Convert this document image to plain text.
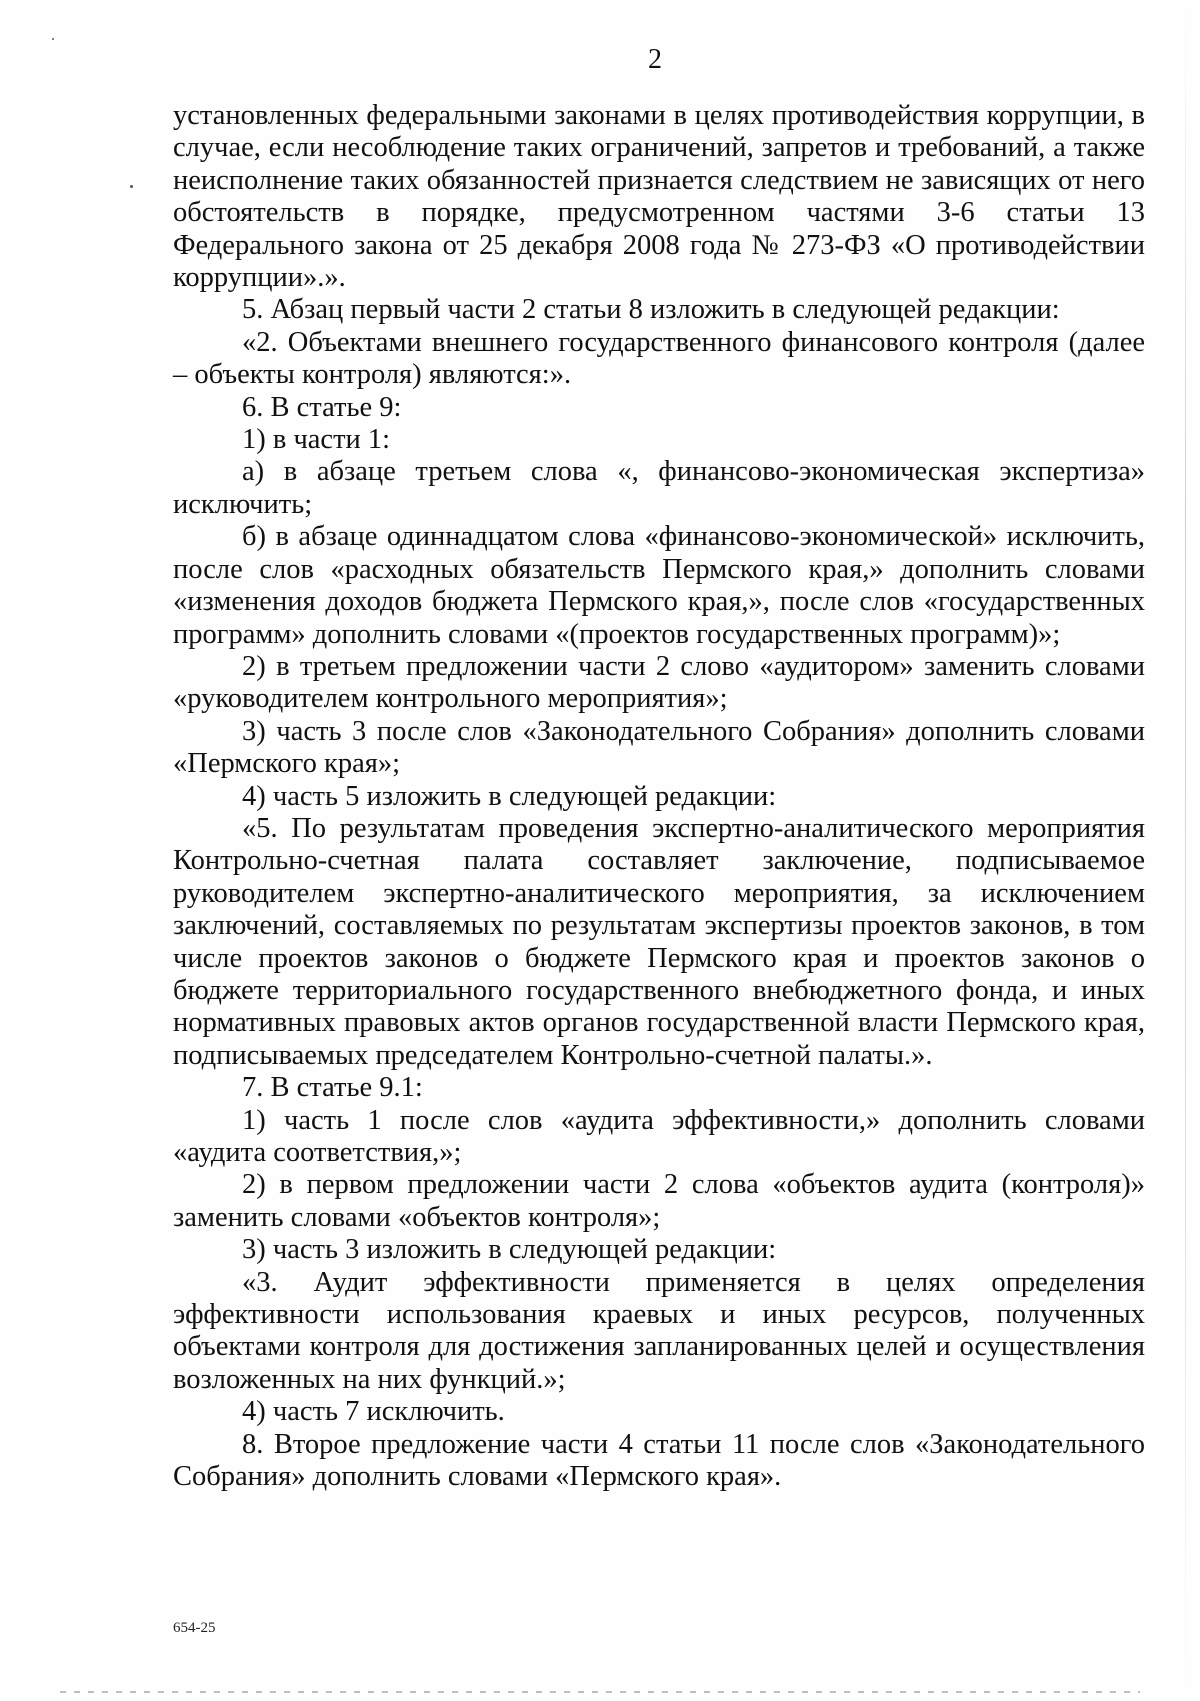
2

установленных федеральными законами в целях противодействия коррупции, в случае, если несоблюдение таких ограничений, запретов и требований, а также неисполнение таких обязанностей признается следствием не зависящих от него обстоятельств в порядке, предусмотренном частями 3-6 статьи 13 Федерального закона от 25 декабря 2008 года № 273-ФЗ «О противодействии коррупции».».

5. Абзац первый части 2 статьи 8 изложить в следующей редакции:

«2. Объектами внешнего государственного финансового контроля (далее – объекты контроля) являются:».

6. В статье 9:

1) в части 1:

а) в абзаце третьем слова «, финансово-экономическая экспертиза» исключить;

б) в абзаце одиннадцатом слова «финансово-экономической» исключить, после слов «расходных обязательств Пермского края,» дополнить словами «изменения доходов бюджета Пермского края,», после слов «государственных программ» дополнить словами «(проектов государственных программ)»;

2) в третьем предложении части 2 слово «аудитором» заменить словами «руководителем контрольного мероприятия»;

3) часть 3 после слов «Законодательного Собрания» дополнить словами «Пермского края»;

4) часть 5 изложить в следующей редакции:

«5. По результатам проведения экспертно-аналитического мероприятия Контрольно-счетная палата составляет заключение, подписываемое руководителем экспертно-аналитического мероприятия, за исключением заключений, составляемых по результатам экспертизы проектов законов, в том числе проектов законов о бюджете Пермского края и проектов законов о бюджете территориального государственного внебюджетного фонда, и иных нормативных правовых актов органов государственной власти Пермского края, подписываемых председателем Контрольно-счетной палаты.».

7. В статье 9.1:

1) часть 1 после слов «аудита эффективности,» дополнить словами «аудита соответствия,»;

2) в первом предложении части 2 слова «объектов аудита (контроля)» заменить словами «объектов контроля»;

3) часть 3 изложить в следующей редакции:

«3. Аудит эффективности применяется в целях определения эффективности использования краевых и иных ресурсов, полученных объектами контроля для достижения запланированных целей и осуществления возложенных на них функций.»;

4) часть 7 исключить.

8. Второе предложение части 4 статьи 11 после слов «Законодательного Собрания» дополнить словами «Пермского края».

654-25
